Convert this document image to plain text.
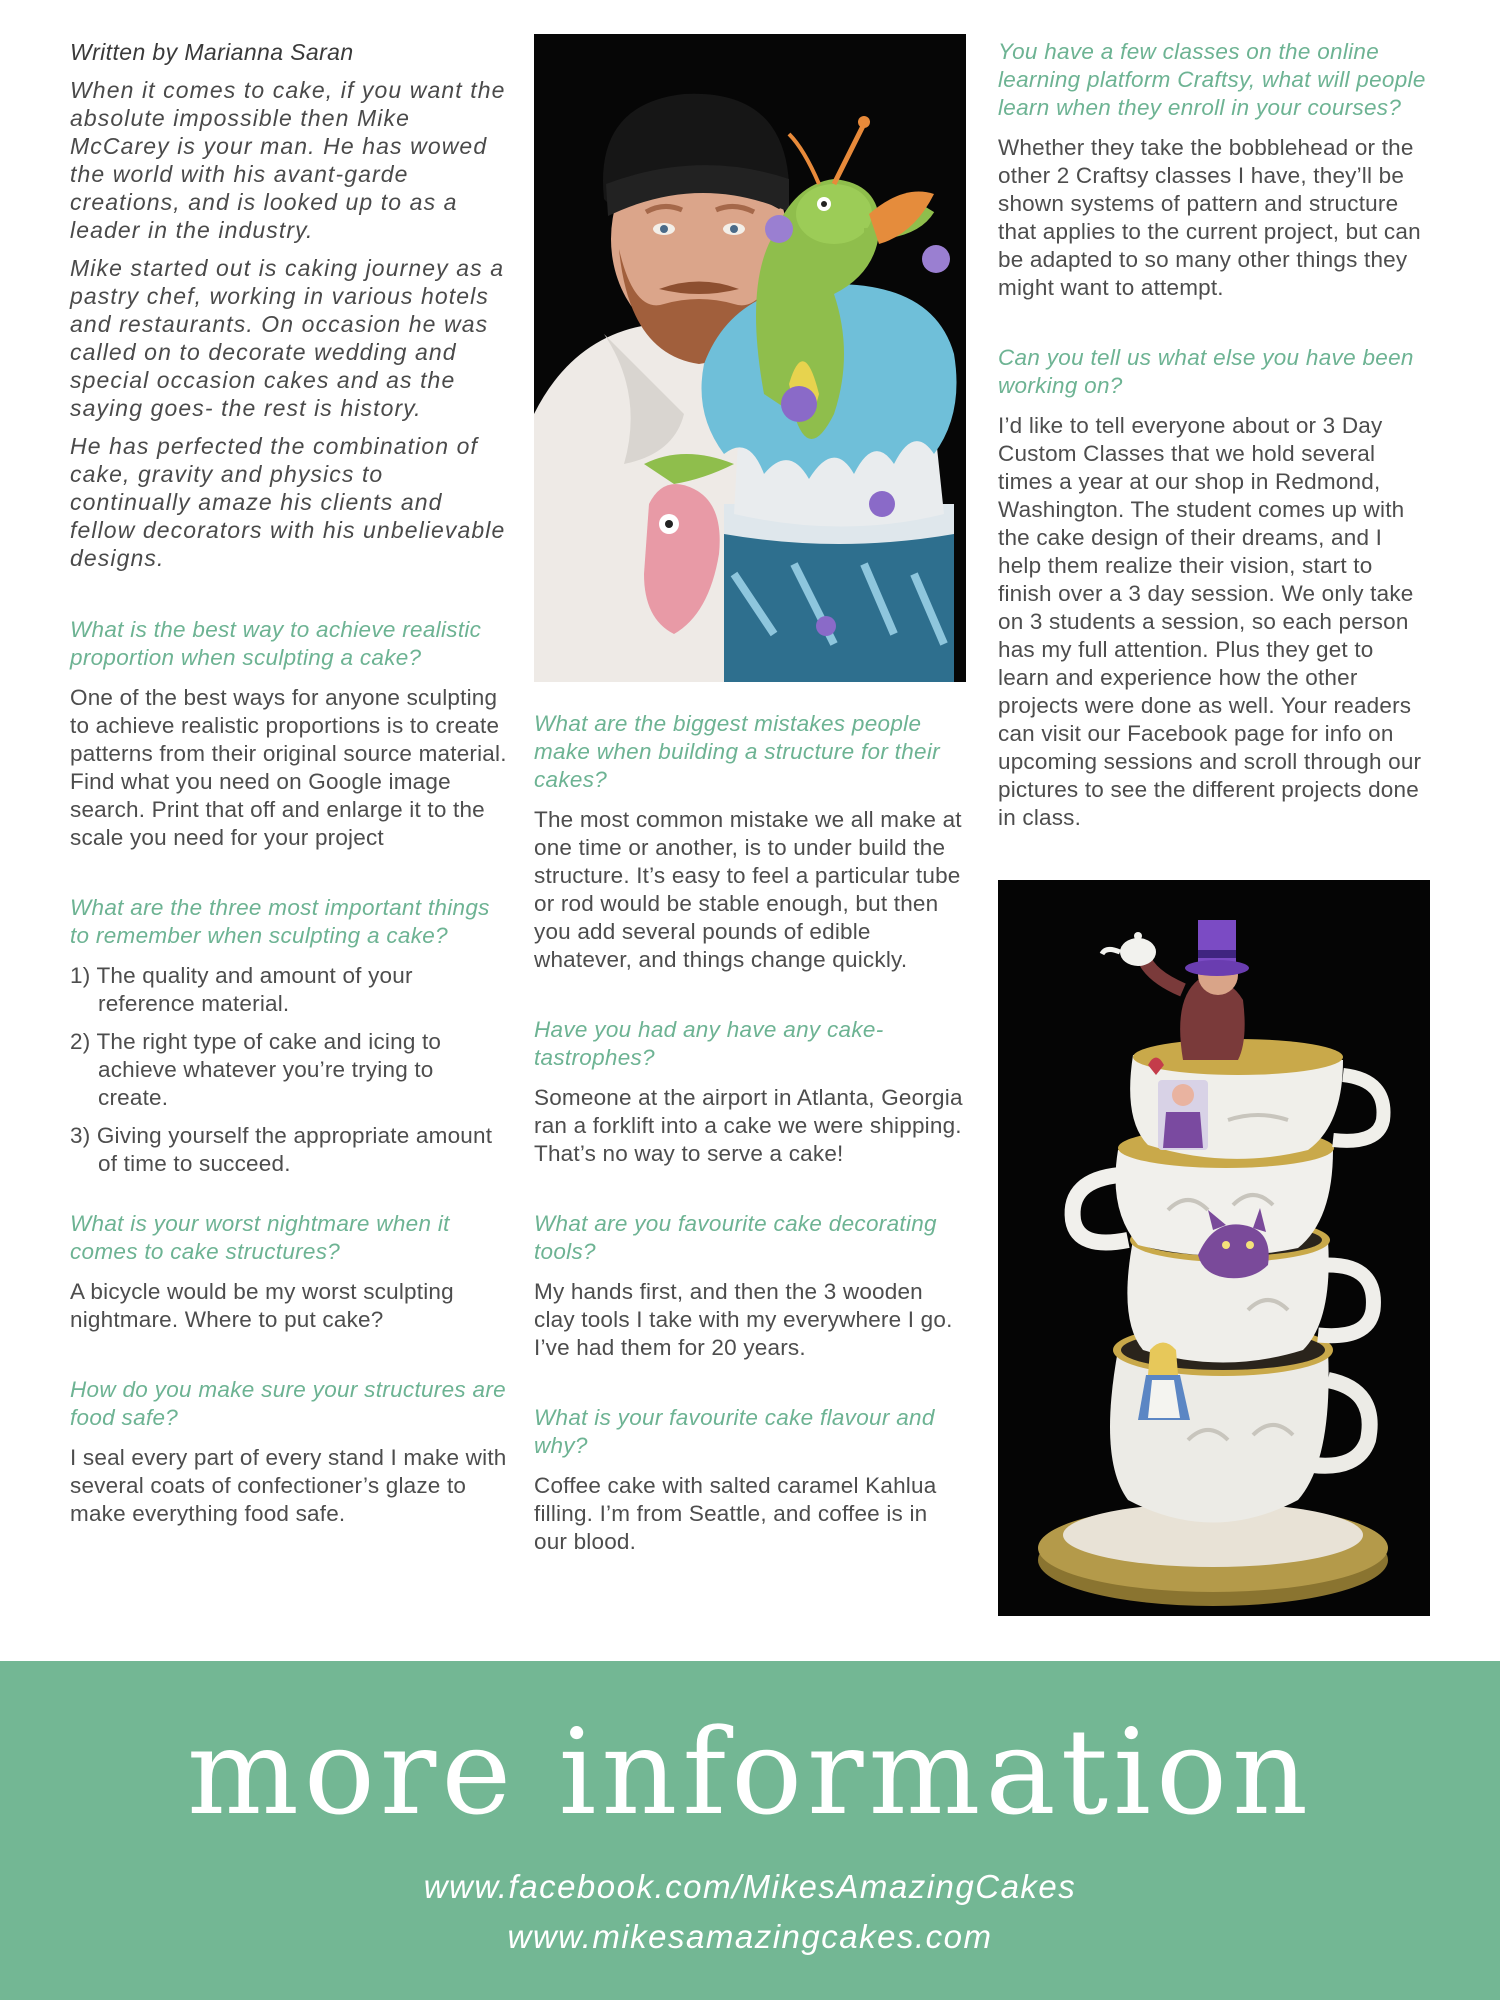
Written by Marianna Saran

When it comes to cake, if you want the absolute impossible then Mike McCarey is your man. He has wowed the world with his avant-garde creations, and is looked up to as a leader in the industry.

Mike started out is caking journey as a pastry chef, working in various hotels and restaurants. On occasion he was called on to decorate wedding and special occasion cakes and as the saying goes- the rest is history.

He has perfected the combination of cake, gravity and physics to continually amaze his clients and fellow decorators with his unbelievable designs.

What is the best way to achieve realistic proportion when sculpting a cake?

One of the best ways for anyone sculpting to achieve realistic proportions is to create patterns from their original source material. Find what you need on Google image search. Print that off and enlarge it to the scale you need for your project

What are the three most important things to remember when sculpting a cake?
1) The quality and amount of your reference material.
2) The right type of cake and icing to achieve whatever you’re trying to create.
3) Giving yourself the appropriate amount of time to succeed.
What is your worst nightmare when it comes to cake structures?

A bicycle would be my worst sculpting nightmare. Where to put cake?

How do you make sure your structures are food safe?

I seal every part of every stand I make with several coats of confectioner’s glaze to make everything food safe.

What are the biggest mistakes people make when building a structure for their cakes?

The most common mistake we all make at one time or another, is to under build the structure. It’s easy to feel a particular tube or rod would be stable enough, but then you add several pounds of edible whatever, and things change quickly.

Have you had any have any cake-tastrophes?

Someone at the airport in Atlanta, Georgia ran a forklift into a cake we were shipping. That’s no way to serve a cake!

What are you favourite cake decorating tools?

My hands first, and then the 3 wooden clay tools I take with my everywhere I go. I’ve had them for 20 years.

What is your favourite cake flavour and why?

Coffee cake with salted caramel Kahlua filling. I’m from Seattle, and coffee is in our blood.

You have a few classes on the online learning platform Craftsy, what will people learn when they enroll in your courses?

Whether they take the bobblehead or the other 2 Craftsy classes I have, they’ll be shown systems of pattern and structure that applies to the current project, but can be adapted to so many other things they might want to attempt.

Can you tell us what else you have been working on?

I’d like to tell everyone about or 3 Day Custom Classes that we hold several times a year at our shop in Redmond, Washington. The student comes up with the cake design of their dreams, and I help them realize their vision, start to finish over a 3 day session. We only take on 3 students a session, so each person has my full attention. Plus they get to learn and experience how the other projects were done as well. Your readers can visit our Facebook page for info on upcoming sessions and scroll through our pictures to see the different projects done in class.

more information
www.facebook.com/MikesAmazingCakes
www.mikesamazingcakes.com
